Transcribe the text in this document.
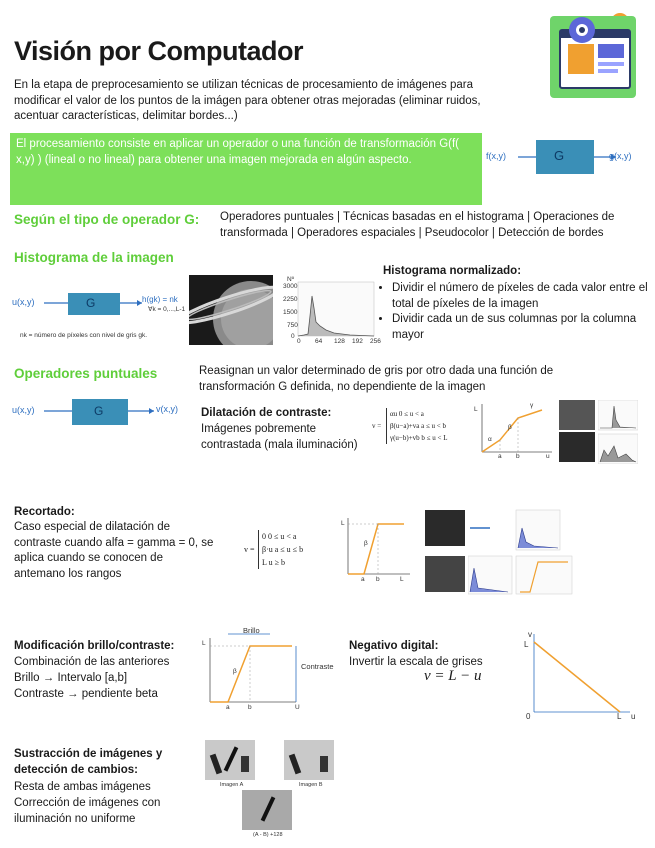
Visión por Computador
En la etapa de preprocesamiento se utilizan técnicas de procesamiento de imágenes para modificar el valor de los puntos de la imágen para obtener otras mejoradas (eliminar ruidos, acentuar características, delimitar bordes...)
El procesamiento consiste en aplicar un operador o una función de transformación G(f( x,y) ) (lineal o no lineal) para obtener una imagen mejorada en algún aspecto.	f(x,y)	G	g(x,y)
Según el tipo de operador G: Operadores puntuales | Técnicas basadas en el histograma | Operaciones de transformada | Operadores espaciales | Pseudocolor | Detección de bordes
Histograma de la imagen
u(x,y)	G	h(gk) = nk
∀k = 0,...,L-1
nk = número de píxeles con nivel de gris gk.
Nº
3000
2250
1500
750
0
0 64 128 192 256
Histograma normalizado:
• Dividir el número de píxeles de cada valor entre el total de píxeles de la imagen
• Dividir cada un de sus columnas por la columna mayor
Operadores puntuales	Reasignan un valor determinado de gris por otro dada una función de transformación G definida, no dependiente de la imagen
u(x,y)	G	v(x,y) Dilatación de contraste:
Imágenes pobremente contrastada (mala iluminación)
v =
αu 0 ≤ u < a
β(u−a)+va a ≤ u < b
γ(u−b)+vb b ≤ u < L
L
a b	u
α
β
γ
Recortado:
Caso especial de dilatación de contraste cuando alfa = gamma = 0, se aplica cuando se conocen de antemano los rangos
v =
0 0 ≤ u < a
β·u a ≤ u ≤ b
L u ≥ b
L
a b	L
β
Modificación brillo/contraste:
Combinación de las anteriores
Brillo → Intervalo [a,b]
Contraste → pendiente beta
Brillo
Contraste
L
a	b	U
β
Negativo digital:
Invertir la escala de grises
v = L − u
v
L
0	L u
Sustracción de imágenes y detección de cambios:
Resta de ambas imágenes
Corrección de imágenes con iluminación no uniforme
Imagen A	Imagen B
(A - B) +128
